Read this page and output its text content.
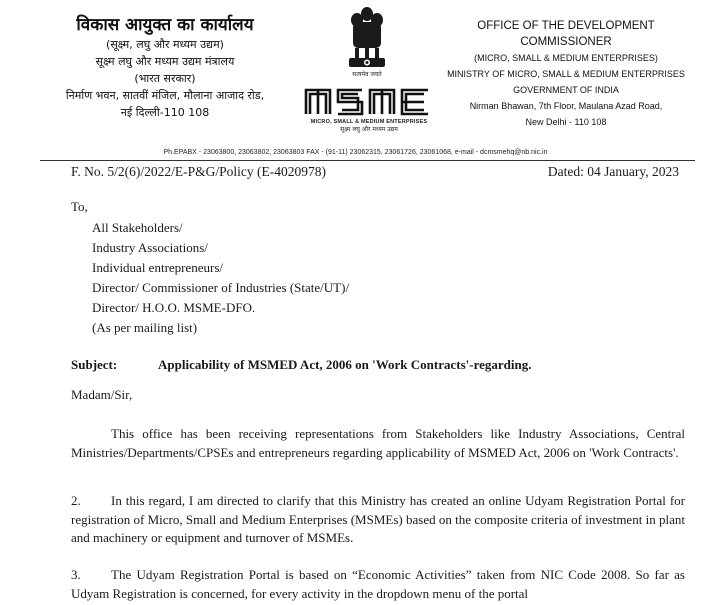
विकास आयुक्त का कार्यालय
(सूक्ष्म, लघु और मध्यम उद्यम)
सूक्ष्म लघु और मध्यम उद्यम मंत्रालय
(भारत सरकार)
निर्माण भवन, सातवीं मंजिल, मौलाना आजाद रोड,
नई दिल्ली-110 108
सत्यमेव जयते
MICRO, SMALL & MEDIUM ENTERPRISES
सूक्ष्म लघु और मध्यम उद्यम
OFFICE OF THE DEVELOPMENT COMMISSIONER
(MICRO, SMALL & MEDIUM ENTERPRISES)
MINISTRY OF MICRO, SMALL & MEDIUM ENTERPRISES
GOVERNMENT OF INDIA
Nirman Bhawan, 7th Floor, Maulana Azad Road,
New Delhi - 110 108
Ph.EPABX - 23063800, 23063802, 23063803 FAX - (91-11) 23062315, 23061726, 23061068, e-mail - dcmsmehq@nb.nic.in
F. No. 5/2(6)/2022/E-P&G/Policy (E-4020978)	Dated: 04 January, 2023
To,
All Stakeholders/
Industry Associations/
Individual entrepreneurs/
Director/ Commissioner of Industries (State/UT)/
Director/ H.O.O. MSME-DFO.
(As per mailing list)
Subject:	Applicability of MSMED Act, 2006 on 'Work Contracts'-regarding.
Madam/Sir,

This office has been receiving representations from Stakeholders like Industry Associations, Central Ministries/Departments/CPSEs and entrepreneurs regarding applicability of MSMED Act, 2006 on 'Work Contracts'.

2. In this regard, I am directed to clarify that this Ministry has created an online Udyam Registration Portal for registration of Micro, Small and Medium Enterprises (MSMEs) based on the composite criteria of investment in plant and machinery or equipment and turnover of MSMEs.

3. The Udyam Registration Portal is based on “Economic Activities” taken from NIC Code 2008. So far as Udyam Registration is concerned, for every activity in the dropdown menu of the portal
